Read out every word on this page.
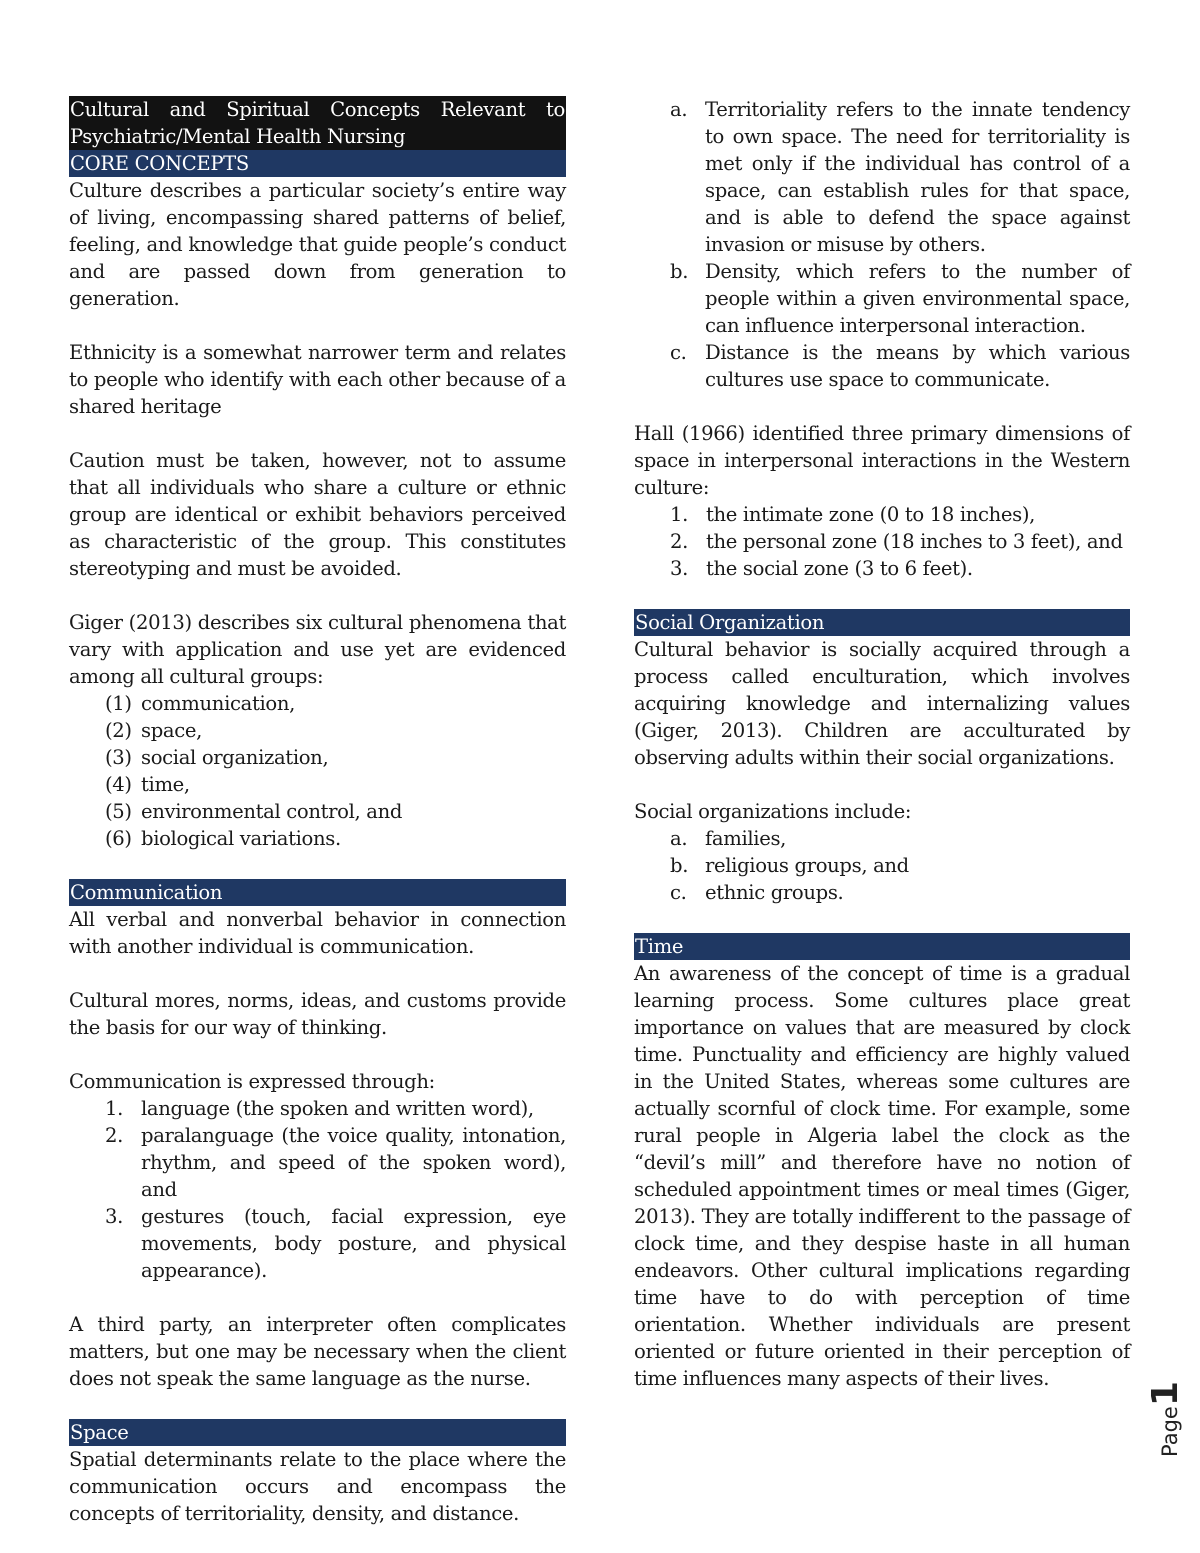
Cultural and Spiritual Concepts Relevant to
Psychiatric/Mental Health Nursing
CORE CONCEPTS

Culture describes a particular society’s entire way of living, encompassing shared patterns of belief, feeling, and knowledge that guide people’s conduct and are passed down from generation to generation.

Ethnicity is a somewhat narrower term and relates to people who identify with each other because of a shared heritage

Caution must be taken, however, not to assume that all individuals who share a culture or ethnic group are identical or exhibit behaviors perceived as characteristic of the group. This constitutes stereotyping and must be avoided.

Giger (2013) describes six cultural phenomena that vary with application and use yet are evidenced among all cultural groups:

(1) communication,
(2) space,
(3) social organization,
(4) time,
(5) environmental control, and
(6) biological variations.
Communication

All verbal and nonverbal behavior in connection with another individual is communication.

Cultural mores, norms, ideas, and customs provide the basis for our way of thinking.

Communication is expressed through:

1. language (the spoken and written word),
2. paralanguage (the voice quality, intonation, rhythm, and speed of the spoken word), and
3. gestures (touch, facial expression, eye movements, body posture, and physical appearance).

A third party, an interpreter often complicates matters, but one may be necessary when the client does not speak the same language as the nurse.

Space

Spatial determinants relate to the place where the communication occurs and encompass the concepts of territoriality, density, and distance.

a. Territoriality refers to the innate tendency to own space. The need for territoriality is met only if the individual has control of a space, can establish rules for that space, and is able to defend the space against invasion or misuse by others.
b. Density, which refers to the number of people within a given environmental space, can influence interpersonal interaction.
c. Distance is the means by which various cultures use space to communicate.

Hall (1966) identified three primary dimensions of space in interpersonal interactions in the Western culture:

1. the intimate zone (0 to 18 inches),
2. the personal zone (18 inches to 3 feet), and
3. the social zone (3 to 6 feet).
Social Organization

Cultural behavior is socially acquired through a process called enculturation, which involves acquiring knowledge and internalizing values (Giger, 2013). Children are acculturated by observing adults within their social organizations.

Social organizations include:

a. families,
b. religious groups, and
c. ethnic groups.
Time

An awareness of the concept of time is a gradual learning process. Some cultures place great importance on values that are measured by clock time. Punctuality and efficiency are highly valued in the United States, whereas some cultures are actually scornful of clock time. For example, some rural people in Algeria label the clock as the “devil’s mill” and therefore have no notion of scheduled appointment times or meal times (Giger, 2013). They are totally indifferent to the passage of clock time, and they despise haste in all human endeavors. Other cultural implications regarding time have to do with perception of time orientation. Whether individuals are present oriented or future oriented in their perception of time influences many aspects of their lives.

Page1
